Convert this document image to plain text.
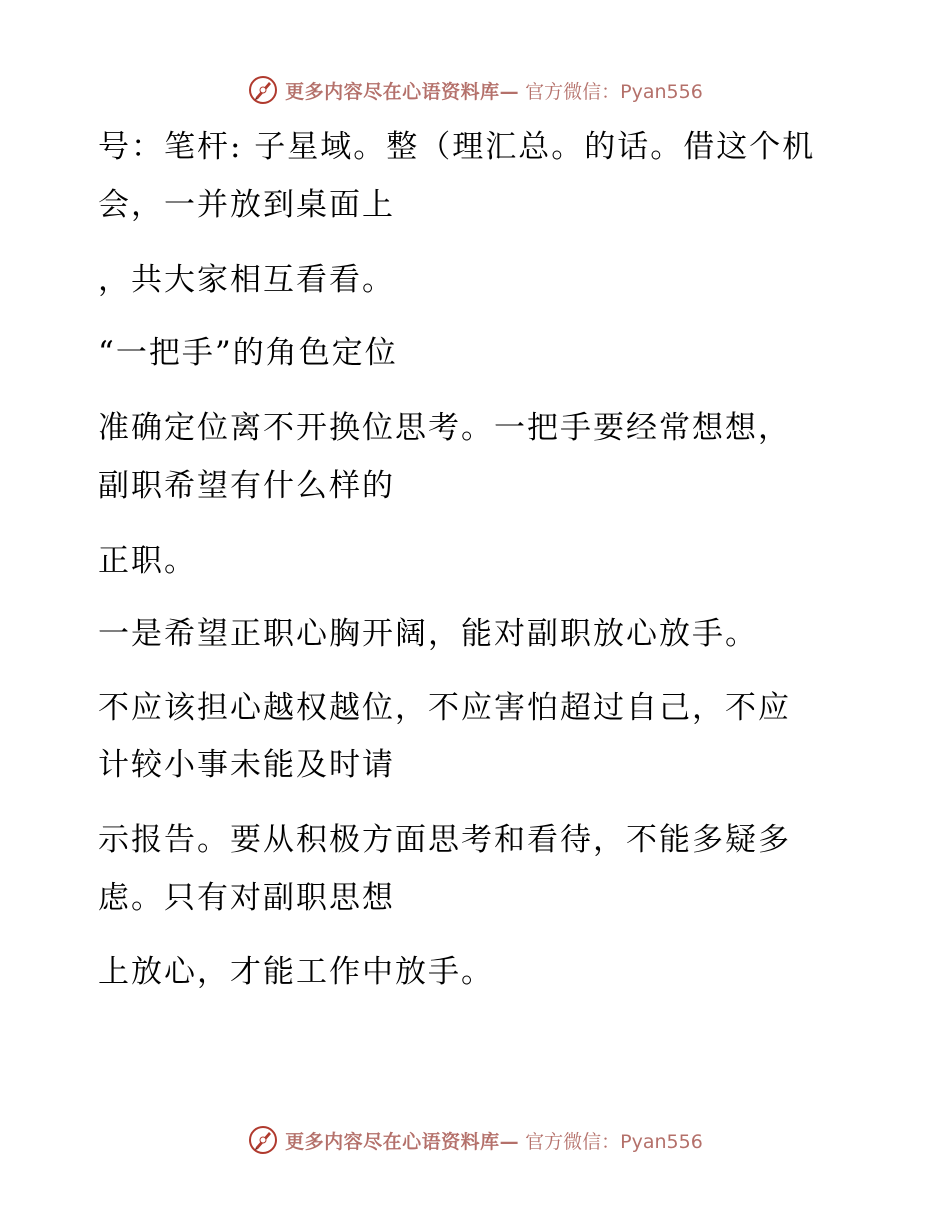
更多内容尽在心语资料库— 官方微信：Pyan556
号：笔杆: 子星域。整（理汇总。的话。借这个机
会，一并放到桌面上
，共大家相互看看。
“一把手”的角色定位
准确定位离不开换位思考。一把手要经常想想，
副职希望有什么样的
正职。
一是希望正职心胸开阔，能对副职放心放手。
不应该担心越权越位，不应害怕超过自己，不应
计较小事未能及时请
示报告。要从积极方面思考和看待，不能多疑多
虑。只有对副职思想
上放心，才能工作中放手。
更多内容尽在心语资料库— 官方微信：Pyan556
